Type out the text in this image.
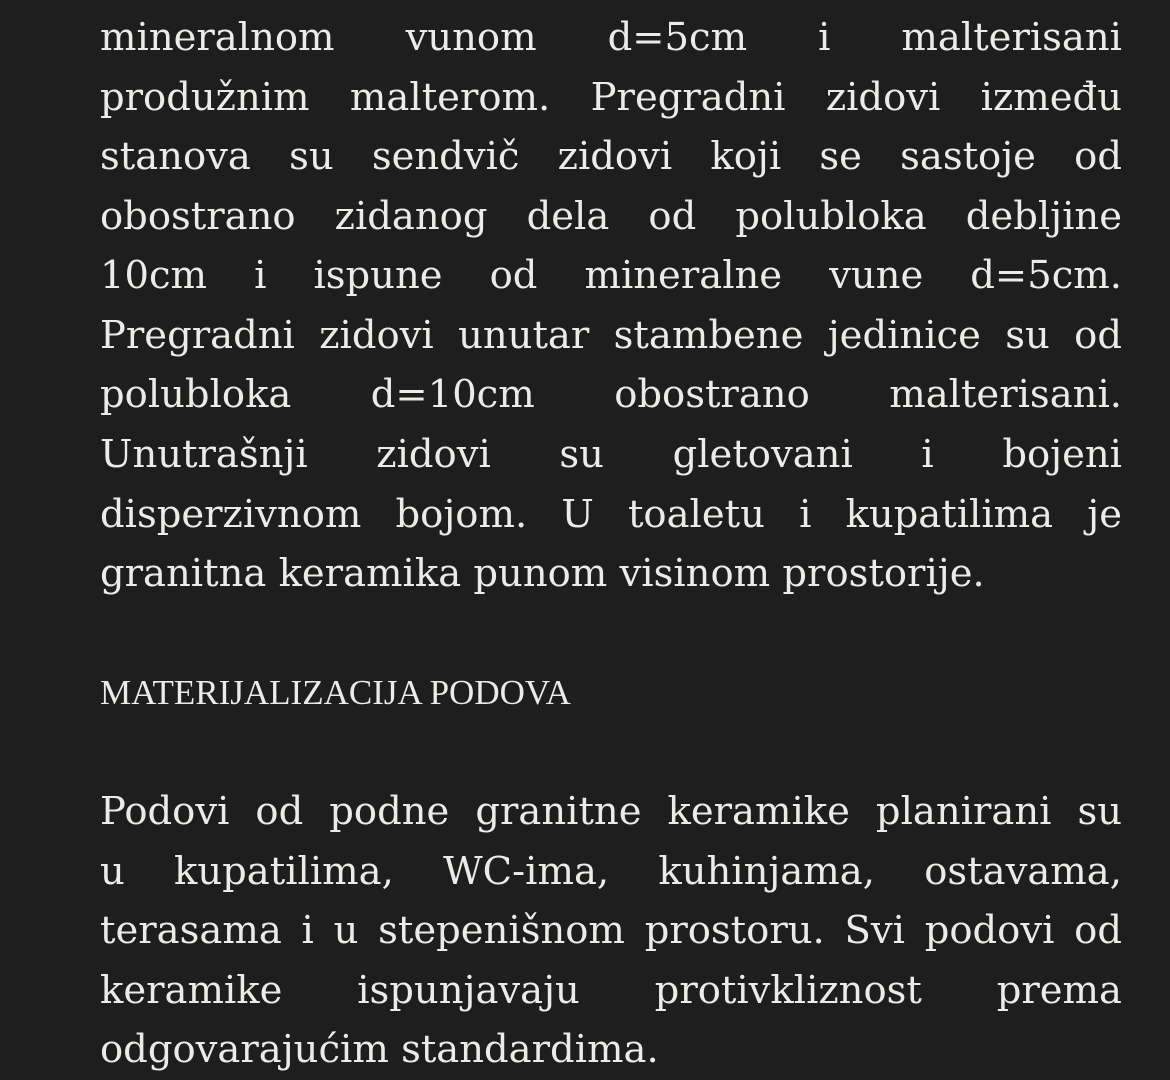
mineralnom vunom d=5cm i malterisani
produžnim malterom. Pregradni zidovi između
stanova su sendvič zidovi koji se sastoje od
obostrano zidanog dela od polubloka debljine
10cm i ispune od mineralne vune d=5cm.
Pregradni zidovi unutar stambene jedinice su od
polubloka d=10cm obostrano malterisani.
Unutrašnji zidovi su gletovani i bojeni
disperzivnom bojom. U toaletu i kupatilima je
granitna keramika punom visinom prostorije.
MATERIJALIZACIJA PODOVA
Podovi od podne granitne keramike planirani su
u kupatilima, WC-ima, kuhinjama, ostavama,
terasama i u stepenišnom prostoru. Svi podovi od
keramike ispunjavaju protivkliznost prema
odgovarajućim standardima.
